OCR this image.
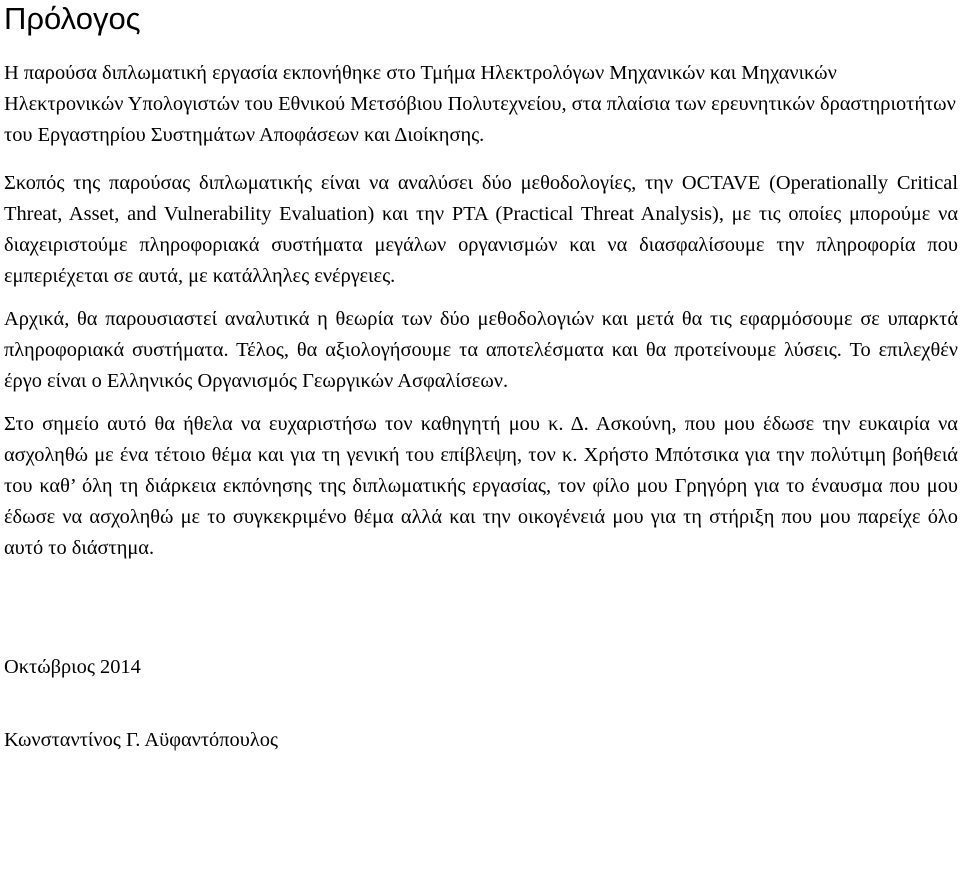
Πρόλογος

Η παρούσα διπλωματική εργασία εκπονήθηκε στο Τμήμα Ηλεκτρολόγων Μηχανικών και Μηχανικών Ηλεκτρονικών Υπολογιστών του Εθνικού Μετσόβιου Πολυτεχνείου, στα πλαίσια των ερευνητικών δραστηριοτήτων του Εργαστηρίου Συστημάτων Αποφάσεων και Διοίκησης.

Σκοπός της παρούσας διπλωματικής είναι να αναλύσει δύο μεθοδολογίες, την OCTAVE (Operationally Critical Threat, Asset, and Vulnerability Evaluation) και την PTA (Practical Threat Analysis), με τις οποίες μπορούμε να διαχειριστούμε πληροφοριακά συστήματα μεγάλων οργανισμών και να διασφαλίσουμε την πληροφορία που εμπεριέχεται σε αυτά, με κατάλληλες ενέργειες.

Αρχικά, θα παρουσιαστεί αναλυτικά η θεωρία των δύο μεθοδολογιών και μετά θα τις εφαρμόσουμε σε υπαρκτά πληροφοριακά συστήματα. Τέλος, θα αξιολογήσουμε τα αποτελέσματα και θα προτείνουμε λύσεις. Το επιλεχθέν έργο είναι ο Ελληνικός Οργανισμός Γεωργικών Ασφαλίσεων.

Στο σημείο αυτό θα ήθελα να ευχαριστήσω τον καθηγητή μου κ. Δ. Ασκούνη, που μου έδωσε την ευκαιρία να ασχοληθώ με ένα τέτοιο θέμα και για τη γενική του επίβλεψη, τον κ. Χρήστο Μπότσικα για την πολύτιμη βοήθειά του καθ’ όλη τη διάρκεια εκπόνησης της διπλωματικής εργασίας, τον φίλο μου Γρηγόρη για το έναυσμα που μου έδωσε να ασχοληθώ με το συγκεκριμένο θέμα αλλά και την οικογένειά μου για τη στήριξη που μου παρείχε όλο αυτό το διάστημα.

Οκτώβριος 2014

Κωνσταντίνος Γ. Αϋφαντόπουλος
